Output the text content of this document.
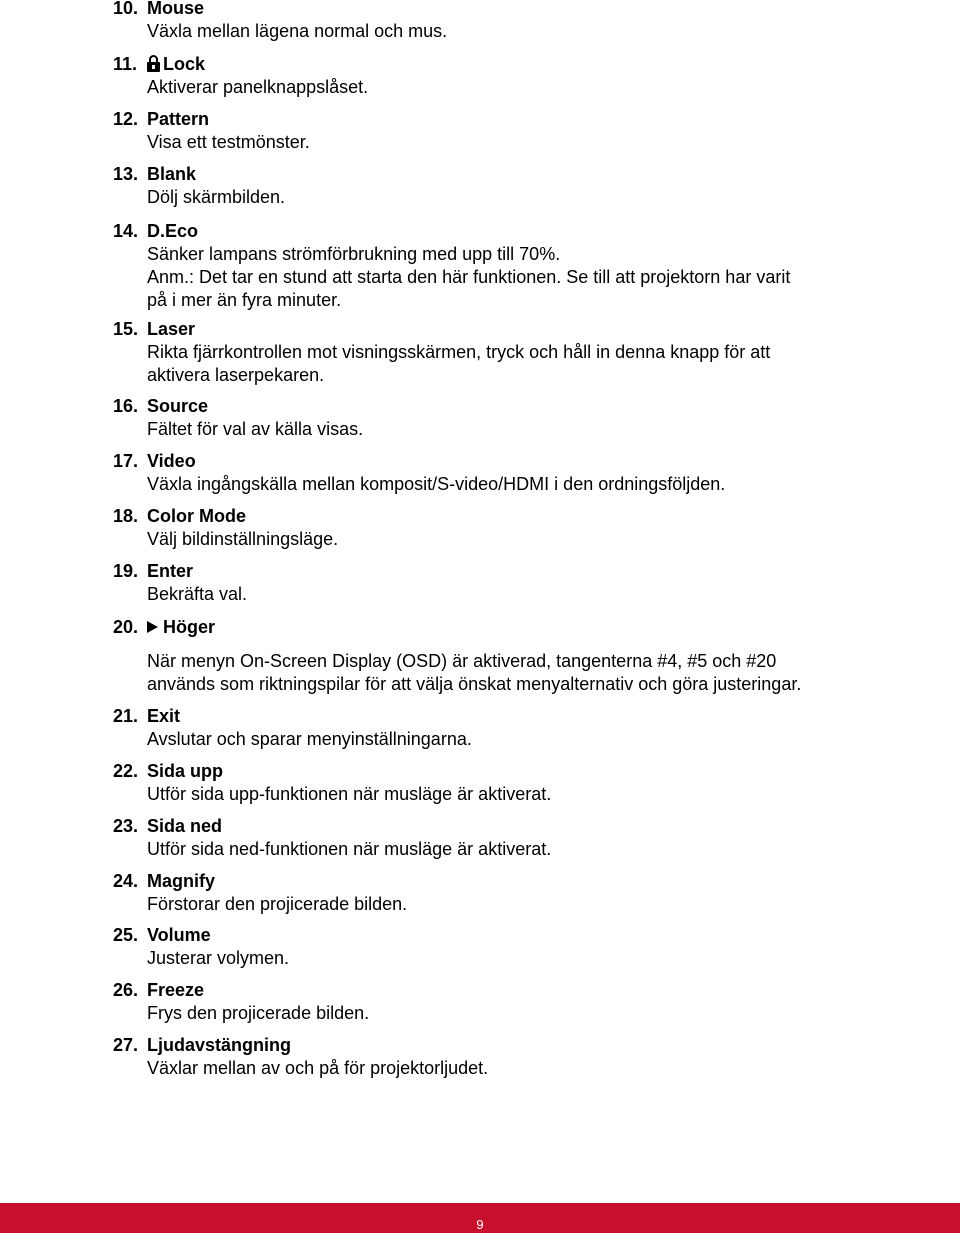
10. Mouse
Växla mellan lägena normal och mus.
11.	Lock
Aktiverar panelknappslåset.
12. Pattern
Visa ett testmönster.
13. Blank
Dölj skärmbilden.
14. D.Eco
Sänker lampans strömförbrukning med upp till 70%.
Anm.: Det tar en stund att starta den här funktionen. Se till att projektorn har varit
på i mer än fyra minuter.
15. Laser
Rikta fjärrkontrollen mot visningsskärmen, tryck och håll in denna knapp för att
aktivera laserpekaren.
16. Source
Fältet för val av källa visas.
17. Video
Växla ingångskälla mellan komposit/S-video/HDMI i den ordningsföljden.
18. Color Mode
Välj bildinställningsläge.
19. Enter
Bekräfta val.
20.	Höger
När menyn On-Screen Display (OSD) är aktiverad, tangenterna #4, #5 och #20
används som riktningspilar för att välja önskat menyalternativ och göra justeringar.
21. Exit
Avslutar och sparar menyinställningarna.
22. Sida upp
Utför sida upp-funktionen när musläge är aktiverat.
23. Sida ned
Utför sida ned-funktionen när musläge är aktiverat.
24. Magnify
Förstorar den projicerade bilden.
25. Volume
Justerar volymen.
26. Freeze
Frys den projicerade bilden.
27. Ljudavstängning
Växlar mellan av och på för projektorljudet.
9
